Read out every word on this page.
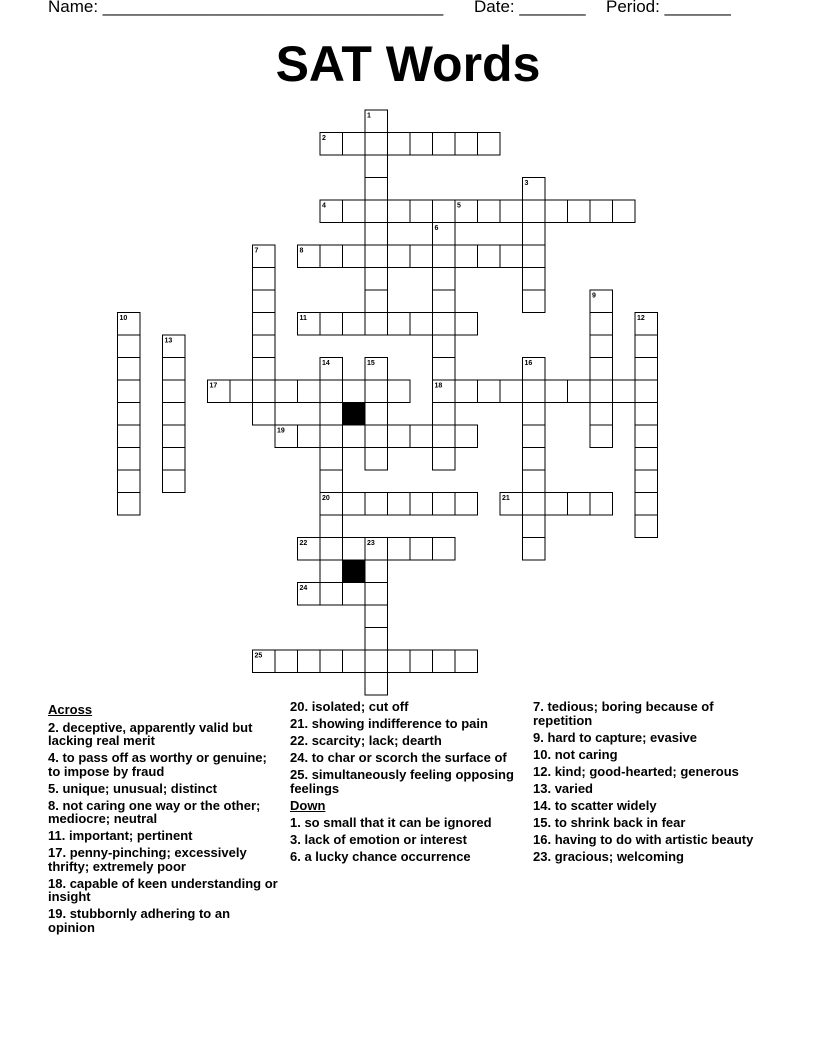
Name: ____________________________________ Date: _______ Period: _______
SAT Words
1
2
3
4	5
6
7	8
9
10	11	12
13
14	15	16
17	18
19
20	21
22	23
24
25
Across
2. deceptive, apparently valid but lacking real merit
4. to pass off as worthy or genuine; to impose by fraud
5. unique; unusual; distinct
8. not caring one way or the other; mediocre; neutral
11. important; pertinent
17. penny-pinching; excessively thrifty; extremely poor
18. capable of keen understanding or insight
19. stubbornly adhering to an opinion
20. isolated; cut off
21. showing indifference to pain
22. scarcity; lack; dearth
24. to char or scorch the surface of
25. simultaneously feeling opposing feelings
Down
1. so small that it can be ignored
3. lack of emotion or interest
6. a lucky chance occurrence
7. tedious; boring because of repetition
9. hard to capture; evasive
10. not caring
12. kind; good-hearted; generous
13. varied
14. to scatter widely
15. to shrink back in fear
16. having to do with artistic beauty
23. gracious; welcoming
